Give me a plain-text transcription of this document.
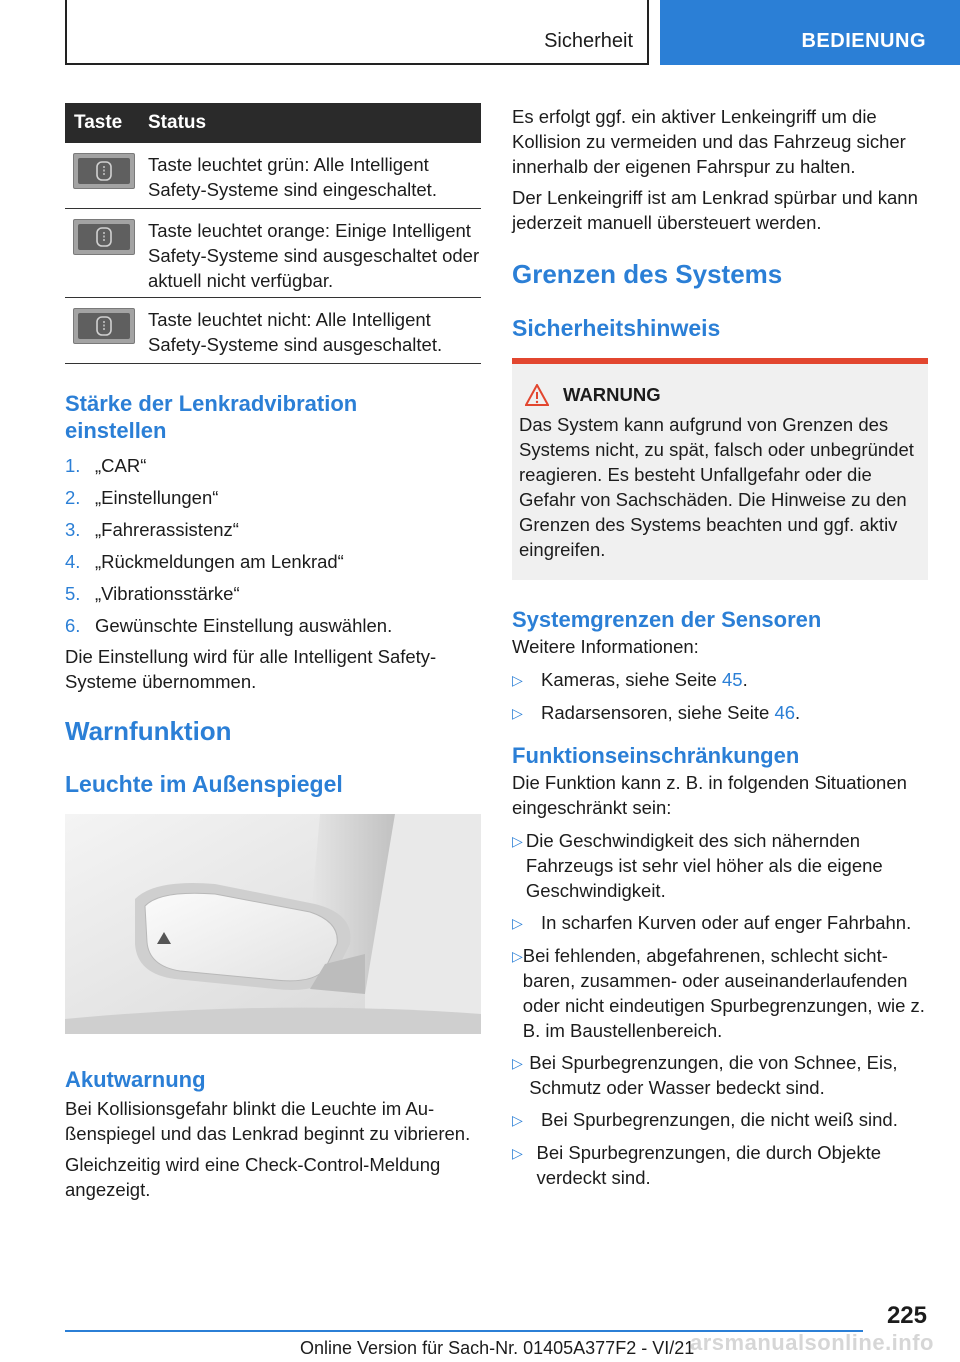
Sicherheit	BEDIENUNG
Taste	Status
Taste leuchtet grün: Alle Intelligent Safety-Systeme sind eingeschaltet.
Taste leuchtet orange: Einige Intelligent Safety-Systeme sind ausgeschaltet oder aktuell nicht verfügbar.
Taste leuchtet nicht: Alle Intelligent Safety-Systeme sind ausgeschaltet.
Stärke der Lenkradvibration einstellen
1. „CAR“
2. „Einstellungen“
3. „Fahrerassistenz“
4. „Rückmeldungen am Lenkrad“
5. „Vibrationsstärke“
6. Gewünschte Einstellung auswählen.

Die Einstellung wird für alle Intelligent Safety-Systeme übernommen.

Warnfunktion
Leuchte im Außenspiegel
Akutwarnung

Bei Kollisionsgefahr blinkt die Leuchte im Außenspiegel und das Lenkrad beginnt zu vibrieren.

Gleichzeitig wird eine Check-Control-Meldung angezeigt.

Es erfolgt ggf. ein aktiver Lenkeingriff um die Kollision zu vermeiden und das Fahrzeug sicher innerhalb der eigenen Fahrspur zu halten.

Der Lenkeingriff ist am Lenkrad spürbar und kann jederzeit manuell übersteuert werden.

Grenzen des Systems
Sicherheitshinweis
WARNUNG

Das System kann aufgrund von Grenzen des Systems nicht, zu spät, falsch oder unbegründet reagieren. Es besteht Unfallgefahr oder die Gefahr von Sachschäden. Die Hinweise zu den Grenzen des Systems beachten und ggf. aktiv eingreifen.

Systemgrenzen der Sensoren

Weitere Informationen:

▷ Kameras, siehe Seite 45.
▷ Radarsensoren, siehe Seite 46.
Funktionseinschränkungen

Die Funktion kann z. B. in folgenden Situationen eingeschränkt sein:

▷ Die Geschwindigkeit des sich nähernden Fahrzeugs ist sehr viel höher als die eigene Geschwindigkeit.
▷ In scharfen Kurven oder auf enger Fahrbahn.
▷ Bei fehlenden, abgefahrenen, schlecht sichtbaren, zusammen- oder auseinanderlaufenden oder nicht eindeutigen Spurbegrenzungen, wie z. B. im Baustellenbereich.
▷ Bei Spurbegrenzungen, die von Schnee, Eis, Schmutz oder Wasser bedeckt sind.
▷ Bei Spurbegrenzungen, die nicht weiß sind.
▷ Bei Spurbegrenzungen, die durch Objekte verdeckt sind.
225
arsmanualsonline.info
Online Version für Sach-Nr. 01405A377F2 - VI/21
